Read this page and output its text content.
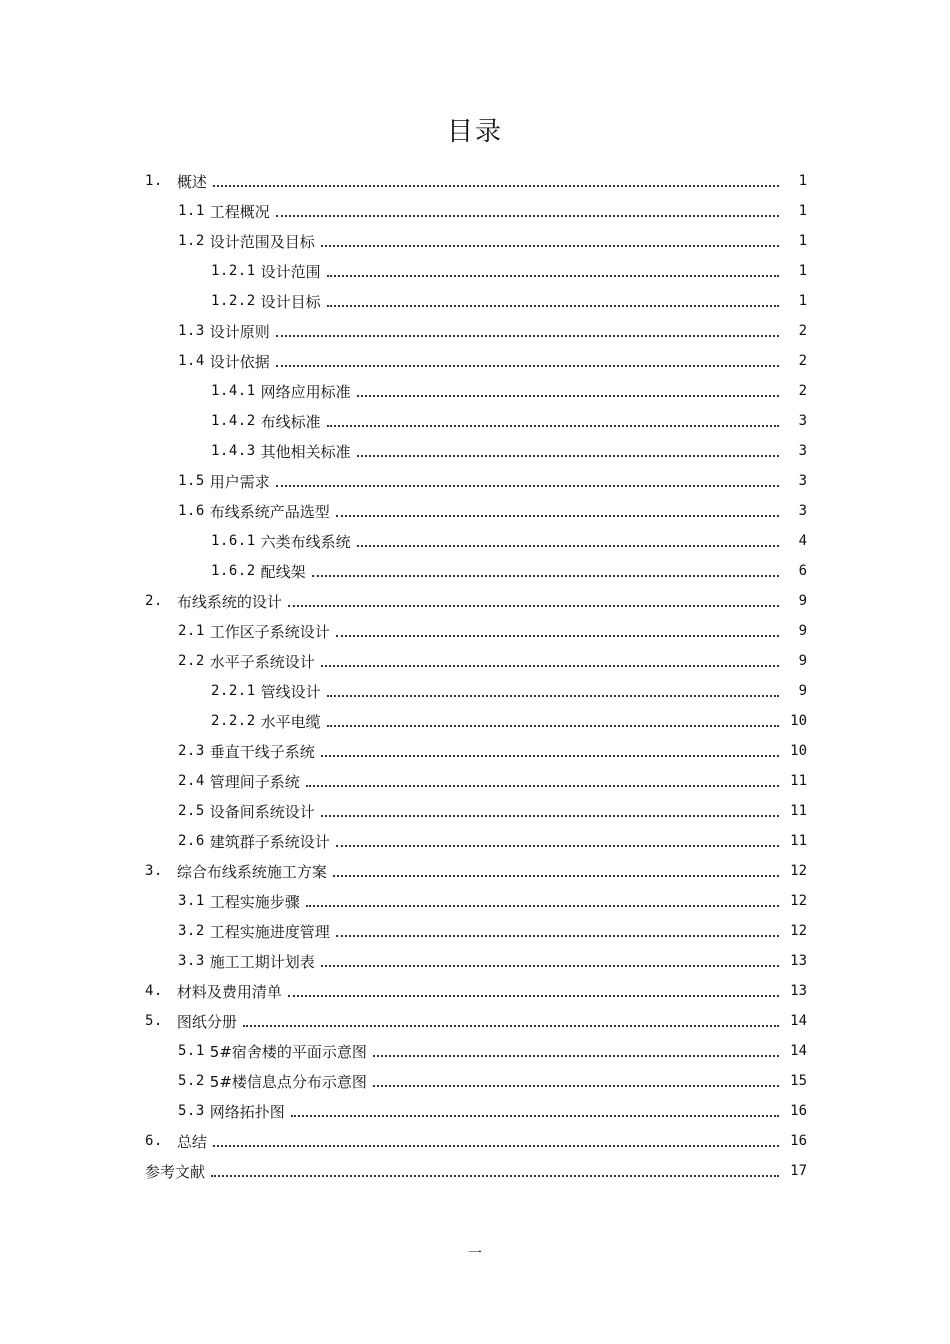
目录
1. 概述	1
1.1 工程概况	1
1.2 设计范围及目标	1
1.2.1 设计范围	1
1.2.2 设计目标	1
1.3 设计原则	2
1.4 设计依据	2
1.4.1 网络应用标准	2
1.4.2 布线标准	3
1.4.3 其他相关标准	3
1.5 用户需求	3
1.6 布线系统产品选型	3
1.6.1 六类布线系统	4
1.6.2 配线架	6
2. 布线系统的设计	9
2.1 工作区子系统设计	9
2.2 水平子系统设计	9
2.2.1 管线设计	9
2.2.2 水平电缆	10
2.3 垂直干线子系统	10
2.4 管理间子系统	11
2.5 设备间系统设计	11
2.6 建筑群子系统设计	11
3. 综合布线系统施工方案	12
3.1 工程实施步骤	12
3.2 工程实施进度管理	12
3.3 施工工期计划表	13
4. 材料及费用清单	13
5. 图纸分册	14
5.1 5#宿舍楼的平面示意图	14
5.2 5#楼信息点分布示意图	15
5.3 网络拓扑图	16
6. 总结	16
参考文献	17
一
